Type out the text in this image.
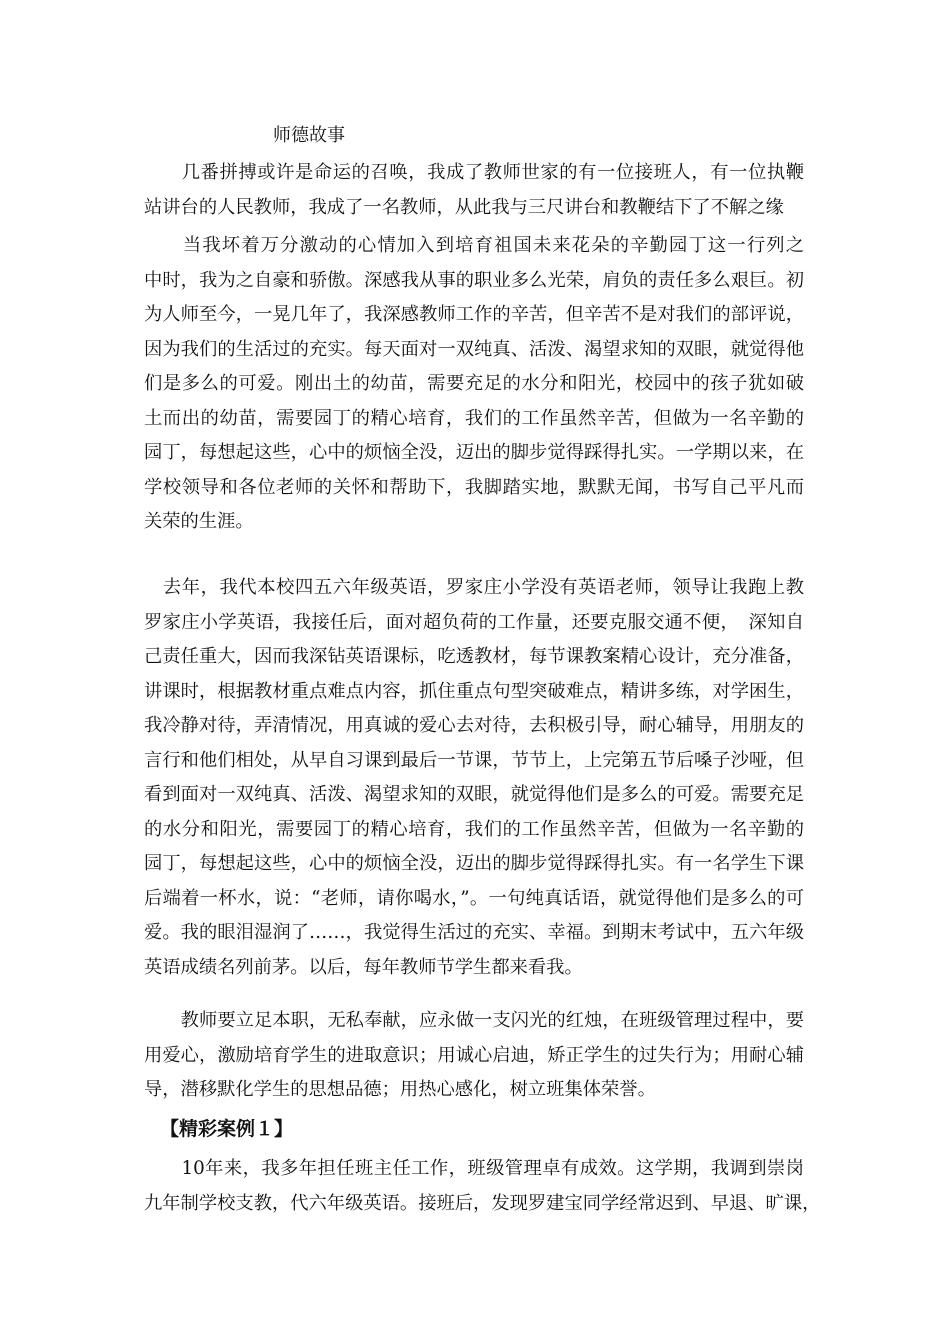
师德故事
　　几番拼搏或许是命运的召唤，我成了教师世家的有一位接班人，有一位执鞭
站讲台的人民教师，我成了一名教师，从此我与三尺讲台和教鞭结下了不解之缘
　　当我坏着万分激动的心情加入到培育祖国未来花朵的辛勤园丁这一行列之
中时，我为之自豪和骄傲。深感我从事的职业多么光荣，肩负的责任多么艰巨。初
为人师至今，一晃几年了，我深感教师工作的辛苦，但辛苦不是对我们的部评说，
因为我们的生活过的充实。每天面对一双纯真、活泼、渴望求知的双眼，就觉得他
们是多么的可爱。刚出土的幼苗，需要充足的水分和阳光，校园中的孩子犹如破
土而出的幼苗，需要园丁的精心培育，我们的工作虽然辛苦，但做为一名辛勤的
园丁，每想起这些，心中的烦恼全没，迈出的脚步觉得踩得扎实。一学期以来，在
学校领导和各位老师的关怀和帮助下，我脚踏实地，默默无闻，书写自己平凡而
关荣的生涯。
　去年，我代本校四五六年级英语，罗家庄小学没有英语老师，领导让我跑上教
罗家庄小学英语，我接任后，面对超负荷的工作量，还要克服交通不便，　深知自
己责任重大，因而我深钻英语课标，吃透教材，每节课教案精心设计，充分准备，
讲课时，根据教材重点难点内容，抓住重点句型突破难点，精讲多练，对学困生，
我冷静对待，弄清情况，用真诚的爱心去对待，去积极引导，耐心辅导，用朋友的
言行和他们相处，从早自习课到最后一节课，节节上，上完第五节后嗓子沙哑，但
看到面对一双纯真、活泼、渴望求知的双眼，就觉得他们是多么的可爱。需要充足
的水分和阳光，需要园丁的精心培育，我们的工作虽然辛苦，但做为一名辛勤的
园丁，每想起这些，心中的烦恼全没，迈出的脚步觉得踩得扎实。有一名学生下课
后端着一杯水，说：“老师，请你喝水，”。一句纯真话语，就觉得他们是多么的可
爱。我的眼泪湿润了……，我觉得生活过的充实、幸福。到期末考试中，五六年级
英语成绩名列前茅。以后，每年教师节学生都来看我。
　　教师要立足本职，无私奉献，应永做一支闪光的红烛，在班级管理过程中，要
用爱心，激励培育学生的进取意识；用诚心启迪，矫正学生的过失行为；用耐心辅
导，潜移默化学生的思想品德；用热心感化，树立班集体荣誉。
【精彩案例１】
　　10年来，我多年担任班主任工作，班级管理卓有成效。这学期，我调到崇岗
九年制学校支教，代六年级英语。接班后，发现罗建宝同学经常迟到、早退、旷课，
